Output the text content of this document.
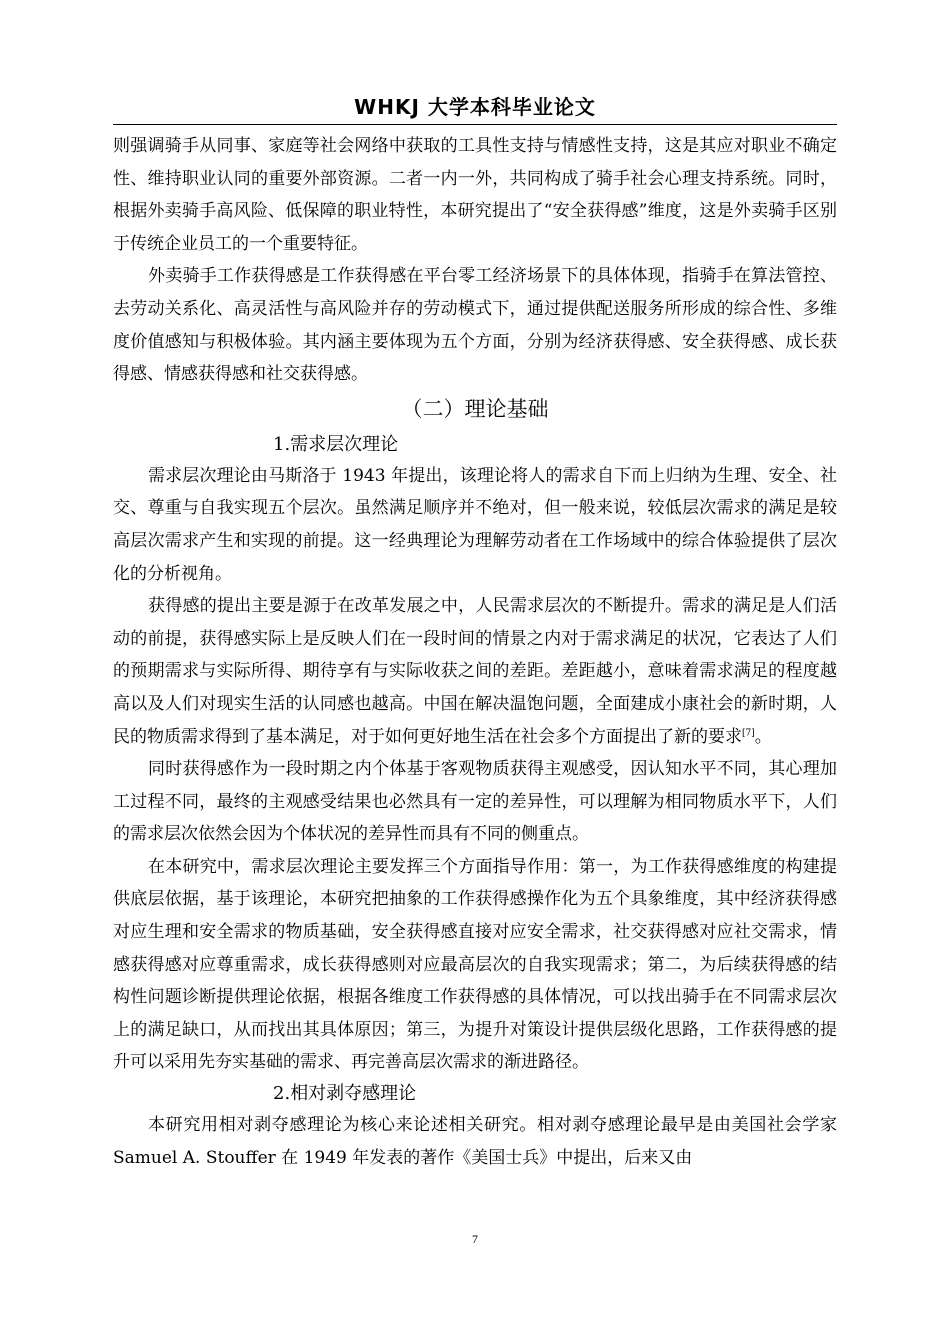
WHKJ 大学本科毕业论文

则强调骑手从同事、家庭等社会网络中获取的工具性支持与情感性支持，这是其应对职业不确定性、维持职业认同的重要外部资源。二者一内一外，共同构成了骑手社会心理支持系统。同时，根据外卖骑手高风险、低保障的职业特性，本研究提出了“安全获得感”维度，这是外卖骑手区别于传统企业员工的一个重要特征。

外卖骑手工作获得感是工作获得感在平台零工经济场景下的具体体现，指骑手在算法管控、去劳动关系化、高灵活性与高风险并存的劳动模式下，通过提供配送服务所形成的综合性、多维度价值感知与积极体验。其内涵主要体现为五个方面，分别为经济获得感、安全获得感、成长获得感、情感获得感和社交获得感。

（二）理论基础
1.需求层次理论

需求层次理论由马斯洛于 1943 年提出，该理论将人的需求自下而上归纳为生理、安全、社交、尊重与自我实现五个层次。虽然满足顺序并不绝对，但一般来说，较低层次需求的满足是较高层次需求产生和实现的前提。这一经典理论为理解劳动者在工作场域中的综合体验提供了层次化的分析视角。

获得感的提出主要是源于在改革发展之中，人民需求层次的不断提升。需求的满足是人们活动的前提，获得感实际上是反映人们在一段时间的情景之内对于需求满足的状况，它表达了人们的预期需求与实际所得、期待享有与实际收获之间的差距。差距越小，意味着需求满足的程度越高以及人们对现实生活的认同感也越高。中国在解决温饱问题，全面建成小康社会的新时期，人民的物质需求得到了基本满足，对于如何更好地生活在社会多个方面提出了新的要求[7]。

同时获得感作为一段时期之内个体基于客观物质获得主观感受，因认知水平不同，其心理加工过程不同，最终的主观感受结果也必然具有一定的差异性，可以理解为相同物质水平下，人们的需求层次依然会因为个体状况的差异性而具有不同的侧重点。

在本研究中，需求层次理论主要发挥三个方面指导作用：第一，为工作获得感维度的构建提供底层依据，基于该理论，本研究把抽象的工作获得感操作化为五个具象维度，其中经济获得感对应生理和安全需求的物质基础，安全获得感直接对应安全需求，社交获得感对应社交需求，情感获得感对应尊重需求，成长获得感则对应最高层次的自我实现需求；第二，为后续获得感的结构性问题诊断提供理论依据，根据各维度工作获得感的具体情况，可以找出骑手在不同需求层次上的满足缺口，从而找出其具体原因；第三，为提升对策设计提供层级化思路，工作获得感的提升可以采用先夯实基础的需求、再完善高层次需求的渐进路径。

2.相对剥夺感理论

本研究用相对剥夺感理论为核心来论述相关研究。相对剥夺感理论最早是由美国社会学家 Samuel A. Stouffer 在 1949 年发表的著作《美国士兵》中提出，后来又由

7
